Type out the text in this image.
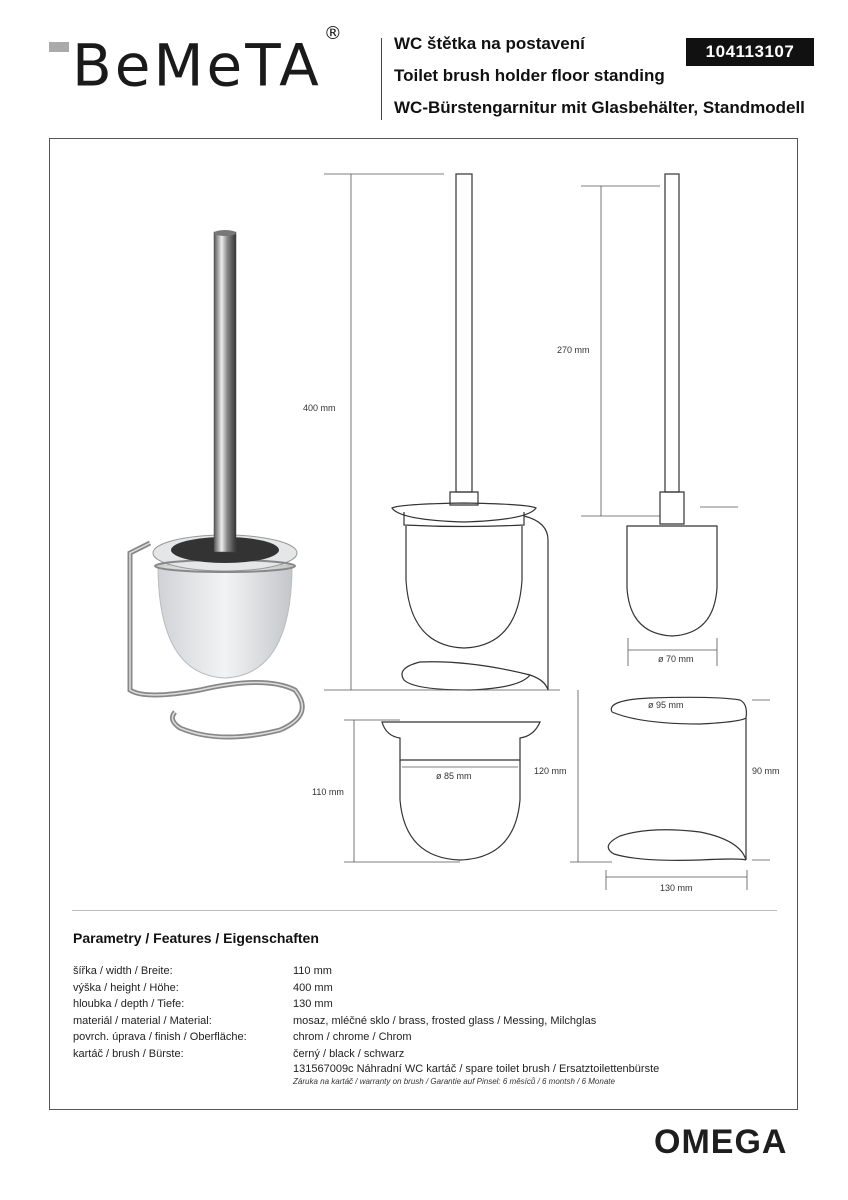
BeMeTA ®	WC štětka na postavení
Toilet brush holder floor standing
WC-Bürstengarnitur mit Glasbehälter, Standmodell
104113107
400 mm
270 mm
ø 70 mm
ø 85 mm
110 mm
ø 95 mm
120 mm	90 mm
130 mm
Parametry / Features / Eigenschaften
šířka / width / Breite:	110 mm
výška / height / Höhe:	400 mm
hloubka / depth / Tiefe:	130 mm
materiál / material / Material:	mosaz, mléčné sklo / brass, frosted glass / Messing, Milchglas
povrch. úprava / finish / Oberfläche:	chrom / chrome / Chrom
kartáč / brush / Bürste:	černý / black / schwarz
131567009c Náhradní WC kartáč / spare toilet brush / Ersatztoilettenbürste
Záruka na kartáč / warranty on brush / Garantie auf Pinsel: 6 měsíců / 6 montsh / 6 Monate
OMEGA
